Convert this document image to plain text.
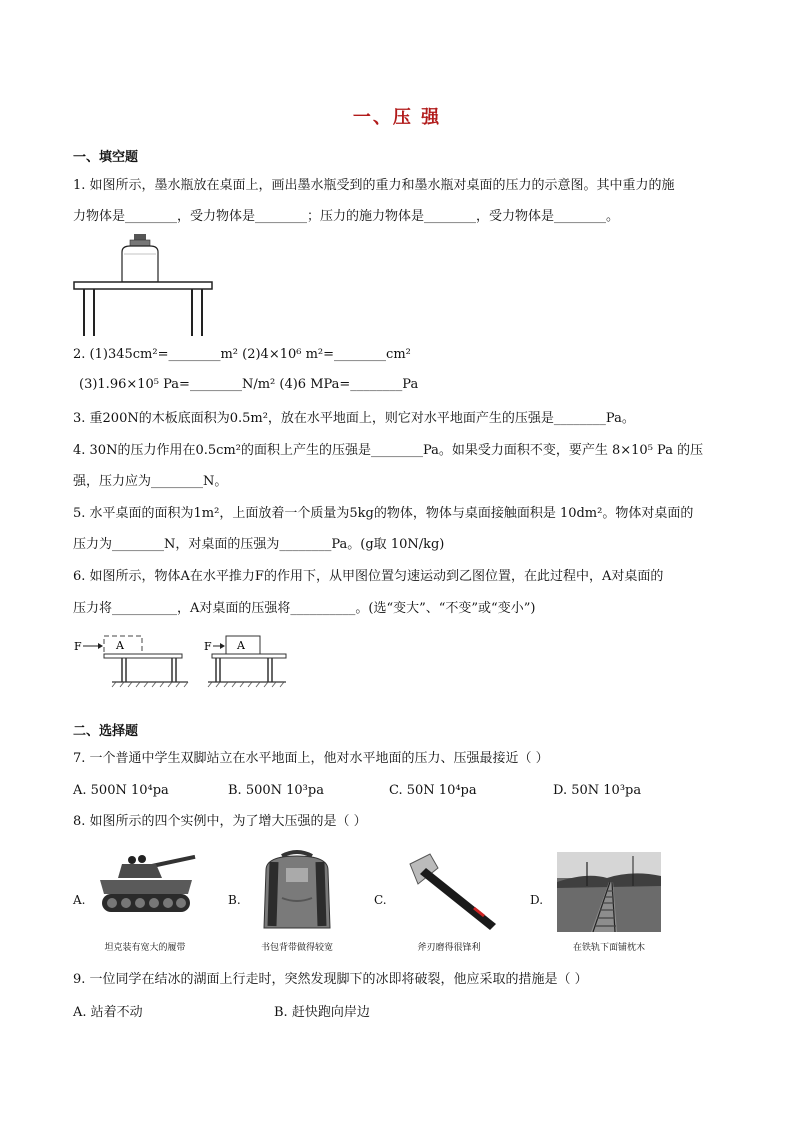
一、压 强
一、填空题
1. 如图所示，墨水瓶放在桌面上，画出墨水瓶受到的重力和墨水瓶对桌面的压力的示意图。其中重力的施
力物体是________，受力物体是________；压力的施力物体是________，受力物体是________。
2. (1)345cm²=________m² (2)4×10⁶ m²=________cm²
(3)1.96×10⁵ Pa=________N/m² (4)6 MPa=________Pa
3. 重200N的木板底面积为0.5m²，放在水平地面上，则它对水平地面产生的压强是________Pa。
4. 30N的压力作用在0.5cm²的面积上产生的压强是________Pa。如果受力面积不变，要产生 8×10⁵ Pa 的压
强，压力应为________N。
5. 水平桌面的面积为1m²，上面放着一个质量为5kg的物体，物体与桌面接触面积是 10dm²。物体对桌面的
压力为________N，对桌面的压强为________Pa。(g取 10N/kg)
6. 如图所示，物体A在水平推力F的作用下，从甲图位置匀速运动到乙图位置，在此过程中，A对桌面的
压力将__________，A对桌面的压强将__________。(选“变大”、“不变”或“变小”)
F	A	F A
二、选择题
7. 一个普通中学生双脚站立在水平地面上，他对水平地面的压力、压强最接近（ ）
A. 500N 10⁴pa	B. 500N 10³pa	C. 50N 10⁴pa	D. 50N 10³pa
8. 如图所示的四个实例中，为了增大压强的是（ ）
A.
坦克装有宽大的履带
B.
书包背带做得较宽
C.
斧刃磨得很锋利
D.
在铁轨下面铺枕木
9. 一位同学在结冰的湖面上行走时，突然发现脚下的冰即将破裂，他应采取的措施是（ ）
A. 站着不动	B. 赶快跑向岸边
